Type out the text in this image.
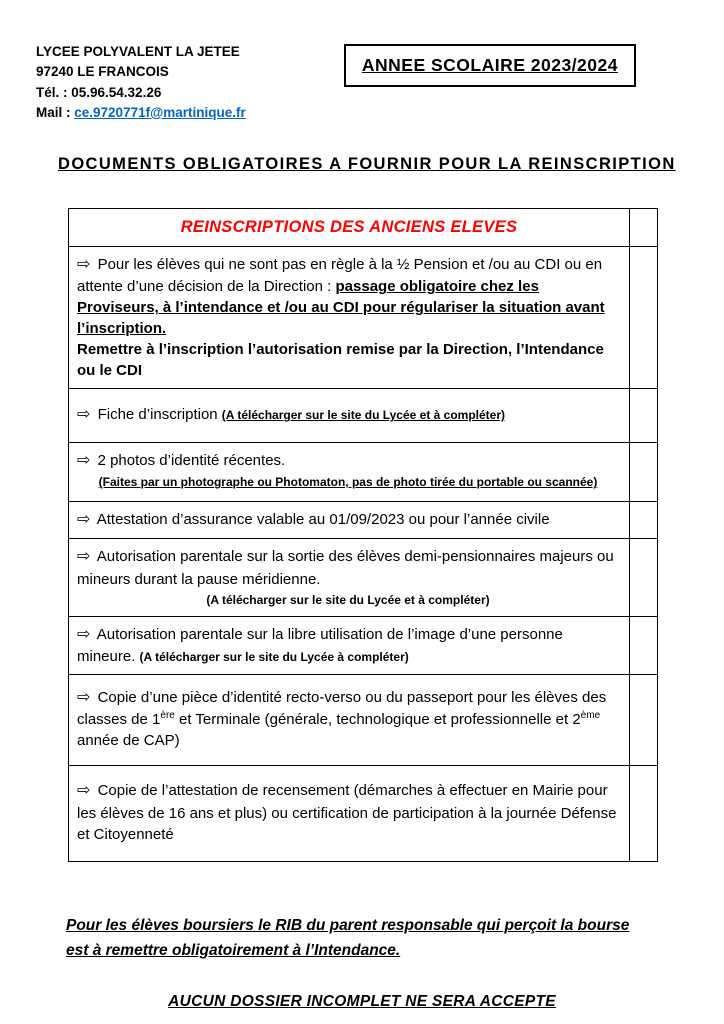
LYCEE POLYVALENT LA JETEE
97240 LE FRANCOIS
Tél. : 05.96.54.32.26
Mail : ce.9720771f@martinique.fr
ANNEE SCOLAIRE 2023/2024
DOCUMENTS OBLIGATOIRES A FOURNIR POUR LA REINSCRIPTION
REINSCRIPTIONS DES ANCIENS ELEVES	

⇨ Pour les élèves qui ne sont pas en règle à la ½ Pension et /ou au CDI ou en attente d’une décision de la Direction : passage obligatoire chez les Proviseurs, à l’intendance et /ou au CDI pour régulariser la situation avant l’inscription.

Remettre à l’inscription l’autorisation remise par la Direction, l’Intendance ou le CDI	

⇨ Fiche d’inscription (A télécharger sur le site du Lycée et à compléter)	

⇨ 2 photos d’identité récentes.

(Faites par un photographe ou Photomaton, pas de photo tirée du portable ou scannée)	

⇨ Attestation d’assurance valable au 01/09/2023 ou pour l’année civile	

⇨ Autorisation parentale sur la sortie des élèves demi-pensionnaires majeurs ou mineurs durant la pause méridienne.

(A télécharger sur le site du Lycée et à compléter)	

⇨ Autorisation parentale sur la libre utilisation de l’image d’une personne mineure. (A télécharger sur le site du Lycée à compléter)	

⇨ Copie d’une pièce d’identité recto-verso ou du passeport pour les élèves des classes de 1ère et Terminale (générale, technologique et professionnelle et 2ème année de CAP)	

⇨ Copie de l’attestation de recensement (démarches à effectuer en Mairie pour les élèves de 16 ans et plus) ou certification de participation à la journée Défense et Citoyenneté	

Pour les élèves boursiers le RIB du parent responsable qui perçoit la bourse est à remettre obligatoirement à l’Intendance.
AUCUN DOSSIER INCOMPLET NE SERA ACCEPTE
